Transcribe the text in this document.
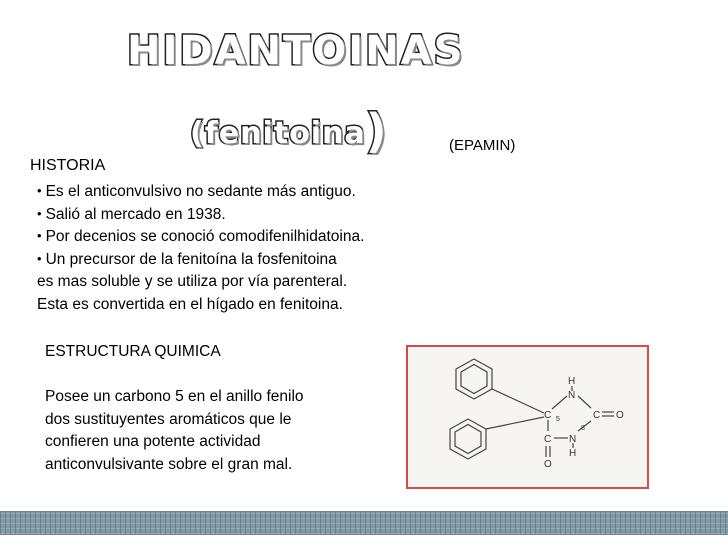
HIDANTOINAS
(fenitoina)	(EPAMIN)
HISTORIA
• Es el anticonvulsivo no sedante más antiguo.
• Salió al mercado en 1938.
• Por decenios se conoció comodifenilhidatoina.
• Un precursor de la fenitoína la fosfenitoina
es mas soluble y se utiliza por vía parenteral.
Esta es convertida en el hígado en fenitoina.
ESTRUCTURA QUIMICA
Posee un carbono 5 en el anillo fenilo
dos sustituyentes aromáticos que le
confieren una potente actividad
anticonvulsivante sobre el gran mal.
H
N
C	C O
5
8
C N
H
O
